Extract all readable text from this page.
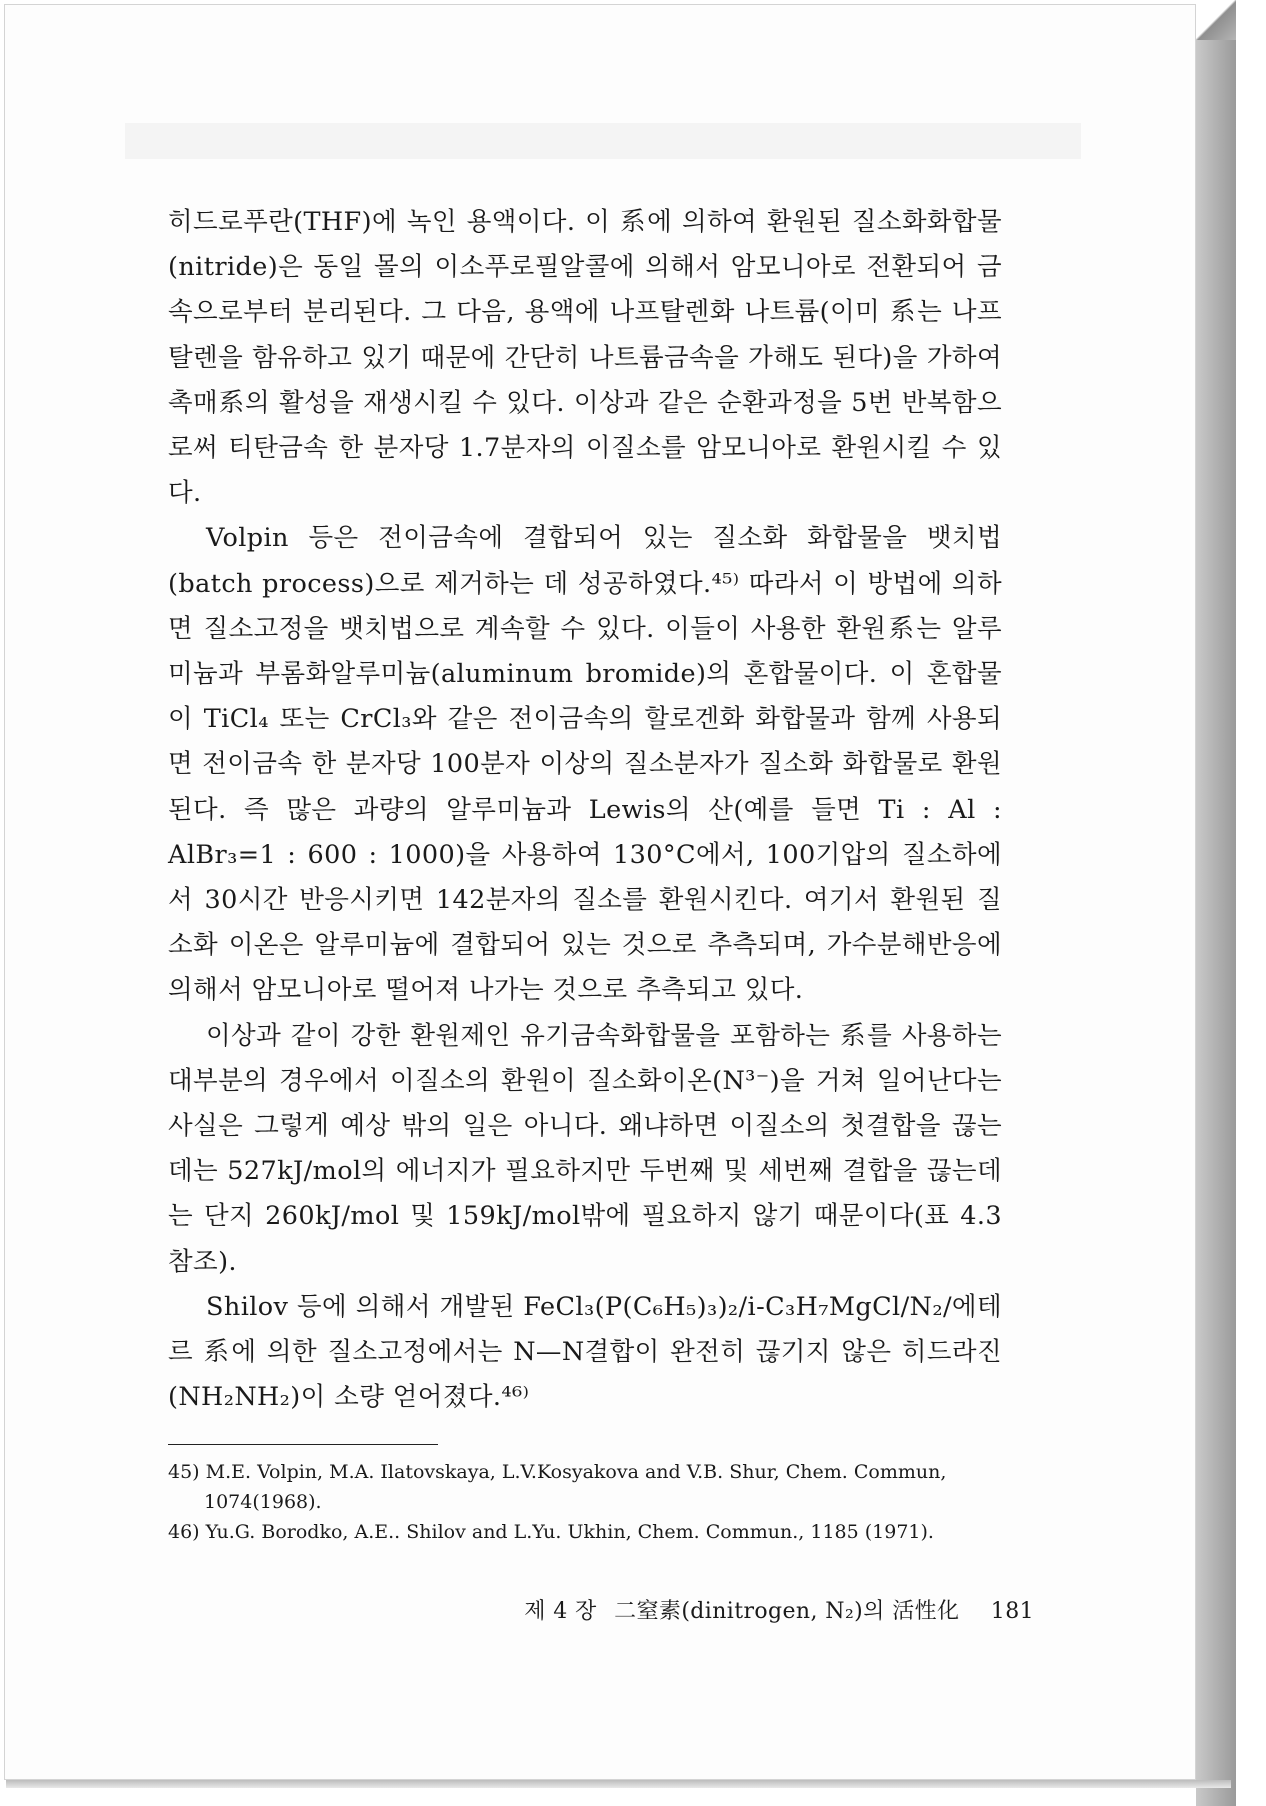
히드로푸란(THF)에 녹인 용액이다. 이 系에 의하여 환원된 질소화화합물(nitride)은 동일 몰의 이소푸로필알콜에 의해서 암모니아로 전환되어 금속으로부터 분리된다. 그 다음, 용액에 나프탈렌화 나트륨(이미 系는 나프탈렌을 함유하고 있기 때문에 간단히 나트륨금속을 가해도 된다)을 가하여 촉매系의 활성을 재생시킬 수 있다. 이상과 같은 순환과정을 5번 반복함으로써 티탄금속 한 분자당 1.7분자의 이질소를 암모니아로 환원시킬 수 있다.

Volpin 등은 전이금속에 결합되어 있는 질소화 화합물을 뱃치법(batch process)으로 제거하는 데 성공하였다.⁴⁵⁾ 따라서 이 방법에 의하면 질소고정을 뱃치법으로 계속할 수 있다. 이들이 사용한 환원系는 알루미늄과 부롬화알루미늄(aluminum bromide)의 혼합물이다. 이 혼합물이 TiCl₄ 또는 CrCl₃와 같은 전이금속의 할로겐화 화합물과 함께 사용되면 전이금속 한 분자당 100분자 이상의 질소분자가 질소화 화합물로 환원된다. 즉 많은 과량의 알루미늄과 Lewis의 산(예를 들면 Ti : Al : AlBr₃=1 : 600 : 1000)을 사용하여 130°C에서, 100기압의 질소하에서 30시간 반응시키면 142분자의 질소를 환원시킨다. 여기서 환원된 질소화 이온은 알루미늄에 결합되어 있는 것으로 추측되며, 가수분해반응에 의해서 암모니아로 떨어져 나가는 것으로 추측되고 있다.

이상과 같이 강한 환원제인 유기금속화합물을 포함하는 系를 사용하는 대부분의 경우에서 이질소의 환원이 질소화이온(N³⁻)을 거쳐 일어난다는 사실은 그렇게 예상 밖의 일은 아니다. 왜냐하면 이질소의 첫결합을 끊는 데는 527kJ/mol의 에너지가 필요하지만 두번째 및 세번째 결합을 끊는데는 단지 260kJ/mol 및 159kJ/mol밖에 필요하지 않기 때문이다(표 4.3 참조).

Shilov 등에 의해서 개발된 FeCl₃(P(C₆H₅)₃)₂/i-C₃H₇MgCl/N₂/에테르 系에 의한 질소고정에서는 N—N결합이 완전히 끊기지 않은 히드라진(NH₂NH₂)이 소량 얻어졌다.⁴⁶⁾

45) M.E. Volpin, M.A. Ilatovskaya, L.V.Kosyakova and V.B. Shur, Chem. Commun, 1074(1968).

46) Yu.G. Borodko, A.E.. Shilov and L.Yu. Ukhin, Chem. Commun., 1185 (1971).

제 4 장 二窒素(dinitrogen, N₂)의 活性化 181
